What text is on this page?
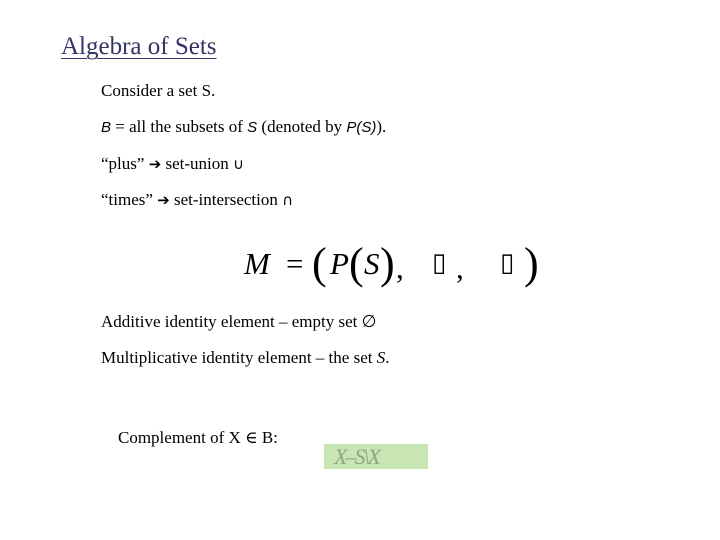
Algebra of Sets
Consider a set S.
B = all the subsets of S (denoted by P(S)).
“plus” ➔ set-union ∪
“times” ➔ set-intersection ∩
M = ( P ( S ) , ▯ , ▯ )
Additive identity element – empty set ∅
Multiplicative identity element – the set S.
Complement of X ∈ B:
X–S\X
